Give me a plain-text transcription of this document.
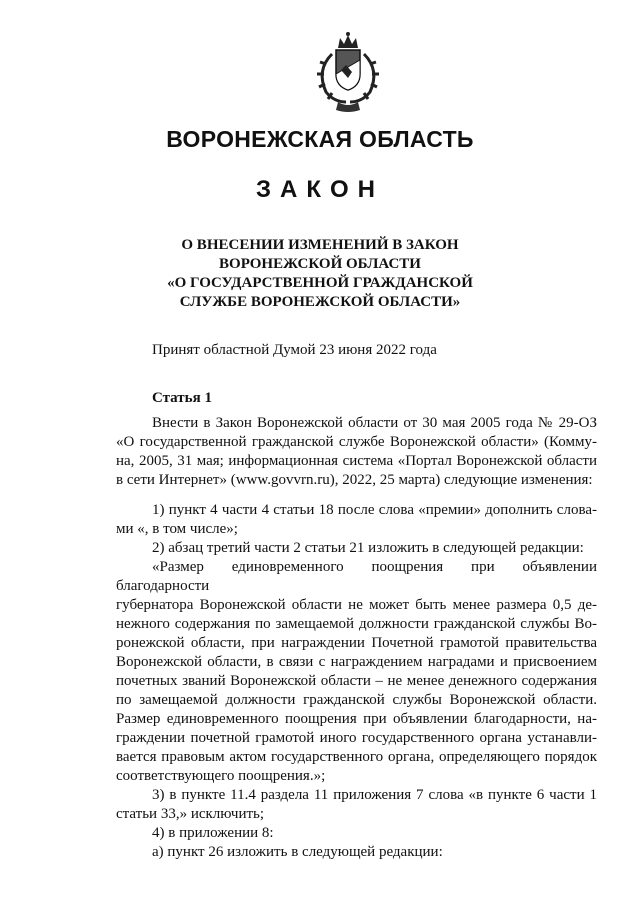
ВОРОНЕЖСКАЯ ОБЛАСТЬ
ЗАКОН
О ВНЕСЕНИИ ИЗМЕНЕНИЙ В ЗАКОН
ВОРОНЕЖСКОЙ ОБЛАСТИ
«О ГОСУДАРСТВЕННОЙ ГРАЖДАНСКОЙ
СЛУЖБЕ ВОРОНЕЖСКОЙ ОБЛАСТИ»
Принят областной Думой 23 июня 2022 года
Статья 1

Внести в Закон Воронежской области от 30 мая 2005 года № 29-ОЗ

«О государственной гражданской службе Воронежской области» (Комму-

на, 2005, 31 мая; информационная система «Портал Воронежской области

в сети Интернет» (www.govvrn.ru), 2022, 25 марта) следующие изменения:

1) пункт 4 части 4 статьи 18 после слова «премии» дополнить слова-

ми «, в том числе»;

2) абзац третий части 2 статьи 21 изложить в следующей редакции:

«Размер единовременного поощрения при объявлении благодарности

губернатора Воронежской области не может быть менее размера 0,5 де-

нежного содержания по замещаемой должности гражданской службы Во-

ронежской области, при награждении Почетной грамотой правительства

Воронежской области, в связи с награждением наградами и присвоением

почетных званий Воронежской области – не менее денежного содержания

по замещаемой должности гражданской службы Воронежской области.

Размер единовременного поощрения при объявлении благодарности, на-

граждении почетной грамотой иного государственного органа устанавли-

вается правовым актом государственного органа, определяющего порядок

соответствующего поощрения.»;

3) в пункте 11.4 раздела 11 приложения 7 слова «в пункте 6 части 1

статьи 33,» исключить;

4) в приложении 8:

а) пункт 26 изложить в следующей редакции:
